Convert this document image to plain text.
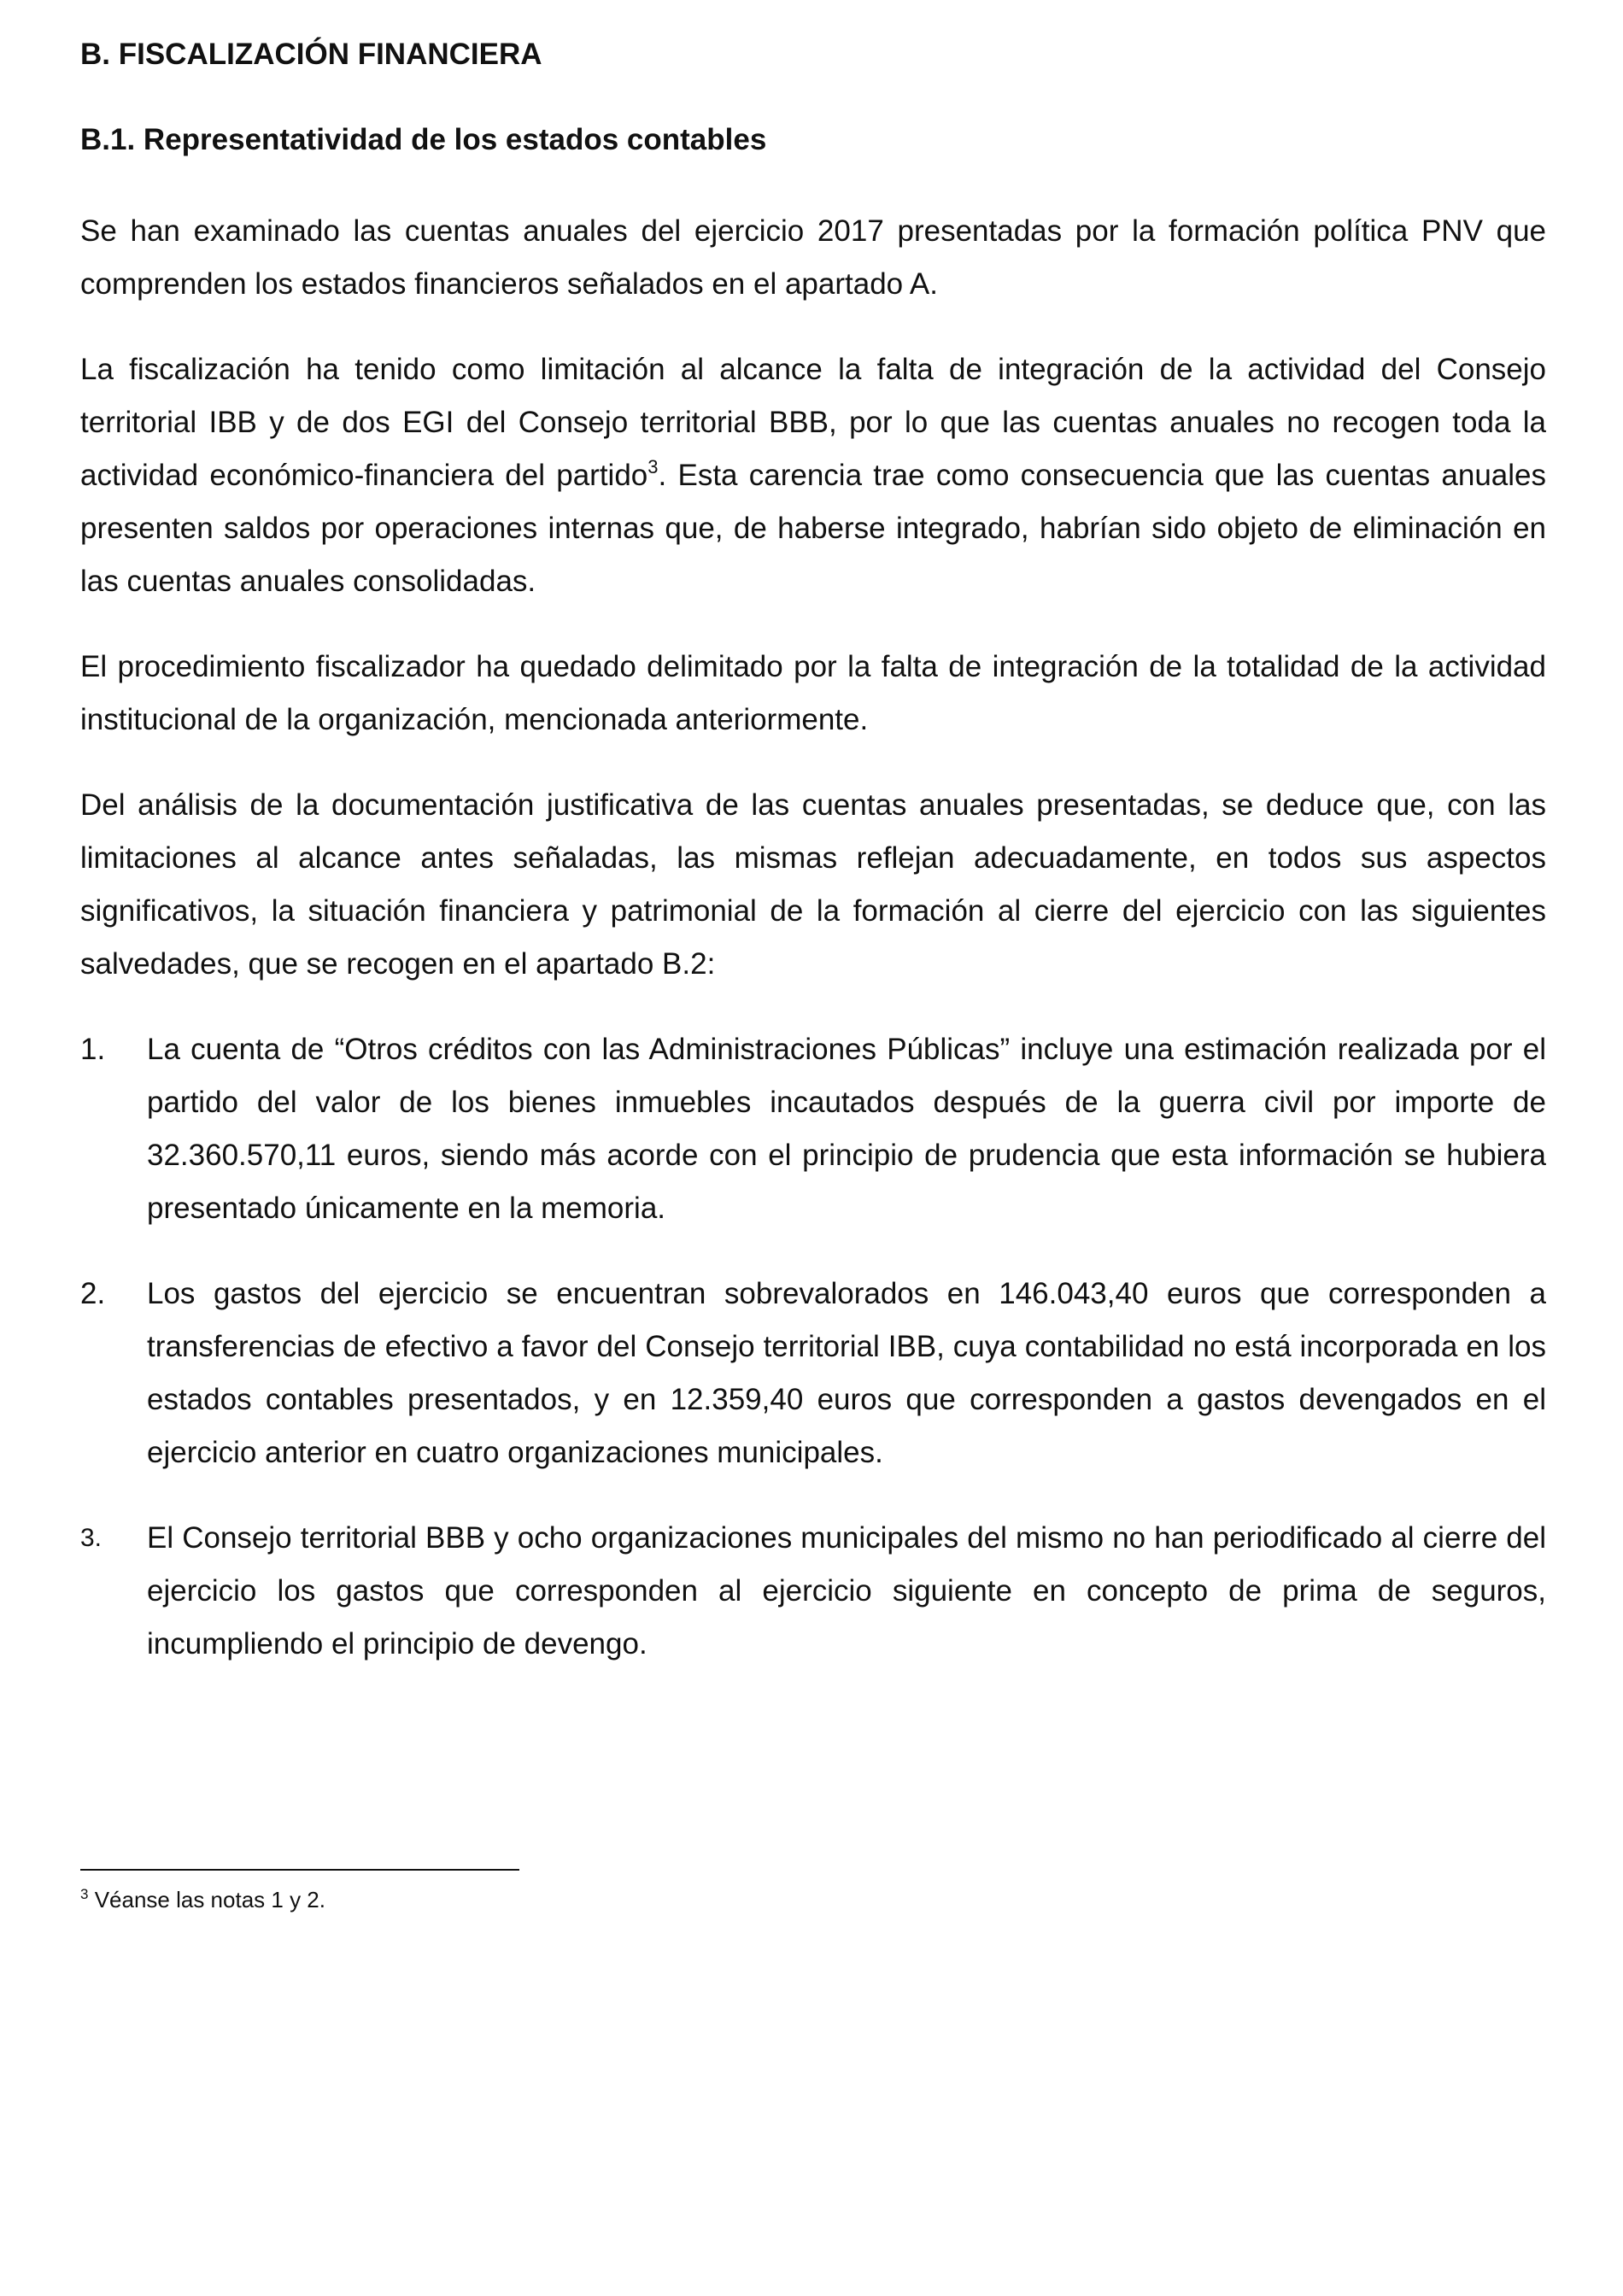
B. FISCALIZACIÓN FINANCIERA
B.1. Representatividad de los estados contables

Se han examinado las cuentas anuales del ejercicio 2017 presentadas por la formación política PNV que comprenden los estados financieros señalados en el apartado A.

La fiscalización ha tenido como limitación al alcance la falta de integración de la actividad del Consejo territorial IBB y de dos EGI del Consejo territorial BBB, por lo que las cuentas anuales no recogen toda la actividad económico-financiera del partido$^3$. Esta carencia trae como consecuencia que las cuentas anuales presenten saldos por operaciones internas que, de haberse integrado, habrían sido objeto de eliminación en las cuentas anuales consolidadas.

El procedimiento fiscalizador ha quedado delimitado por la falta de integración de la totalidad de la actividad institucional de la organización, mencionada anteriormente.

Del análisis de la documentación justificativa de las cuentas anuales presentadas, se deduce que, con las limitaciones al alcance antes señaladas, las mismas reflejan adecuadamente, en todos sus aspectos significativos, la situación financiera y patrimonial de la formación al cierre del ejercicio con las siguientes salvedades, que se recogen en el apartado B.2:

1. La cuenta de “Otros créditos con las Administraciones Públicas” incluye una estimación realizada por el partido del valor de los bienes inmuebles incautados después de la guerra civil por importe de 32.360.570,11 euros, siendo más acorde con el principio de prudencia que esta información se hubiera presentado únicamente en la memoria.
2. Los gastos del ejercicio se encuentran sobrevalorados en 146.043,40 euros que corresponden a transferencias de efectivo a favor del Consejo territorial IBB, cuya contabilidad no está incorporada en los estados contables presentados, y en 12.359,40 euros que corresponden a gastos devengados en el ejercicio anterior en cuatro organizaciones municipales.
3. El Consejo territorial BBB y ocho organizaciones municipales del mismo no han periodificado al cierre del ejercicio los gastos que corresponden al ejercicio siguiente en concepto de prima de seguros, incumpliendo el principio de devengo.
$^3$ Véanse las notas 1 y 2.
